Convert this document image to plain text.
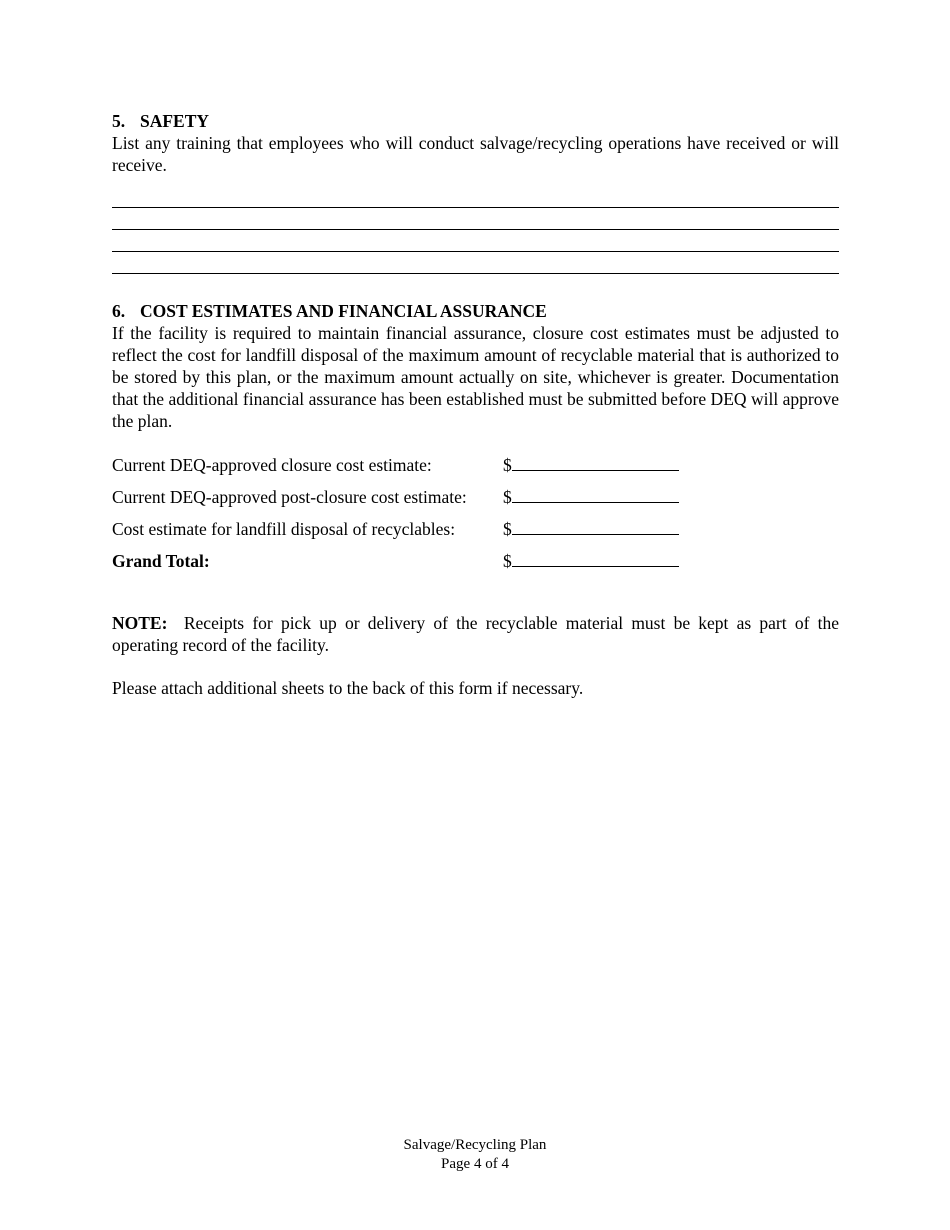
5. SAFETY

List any training that employees who will conduct salvage/recycling operations have received or will receive.

6. COST ESTIMATES AND FINANCIAL ASSURANCE

If the facility is required to maintain financial assurance, closure cost estimates must be adjusted to reflect the cost for landfill disposal of the maximum amount of recyclable material that is authorized to be stored by this plan, or the maximum amount actually on site, whichever is greater. Documentation that the additional financial assurance has been established must be submitted before DEQ will approve the plan.

Current DEQ-approved closure cost estimate:	$
Current DEQ-approved post-closure cost estimate:	$
Cost estimate for landfill disposal of recyclables:	$
Grand Total:	$

NOTE: Receipts for pick up or delivery of the recyclable material must be kept as part of the operating record of the facility.

Please attach additional sheets to the back of this form if necessary.

Salvage/Recycling Plan
Page 4 of 4
